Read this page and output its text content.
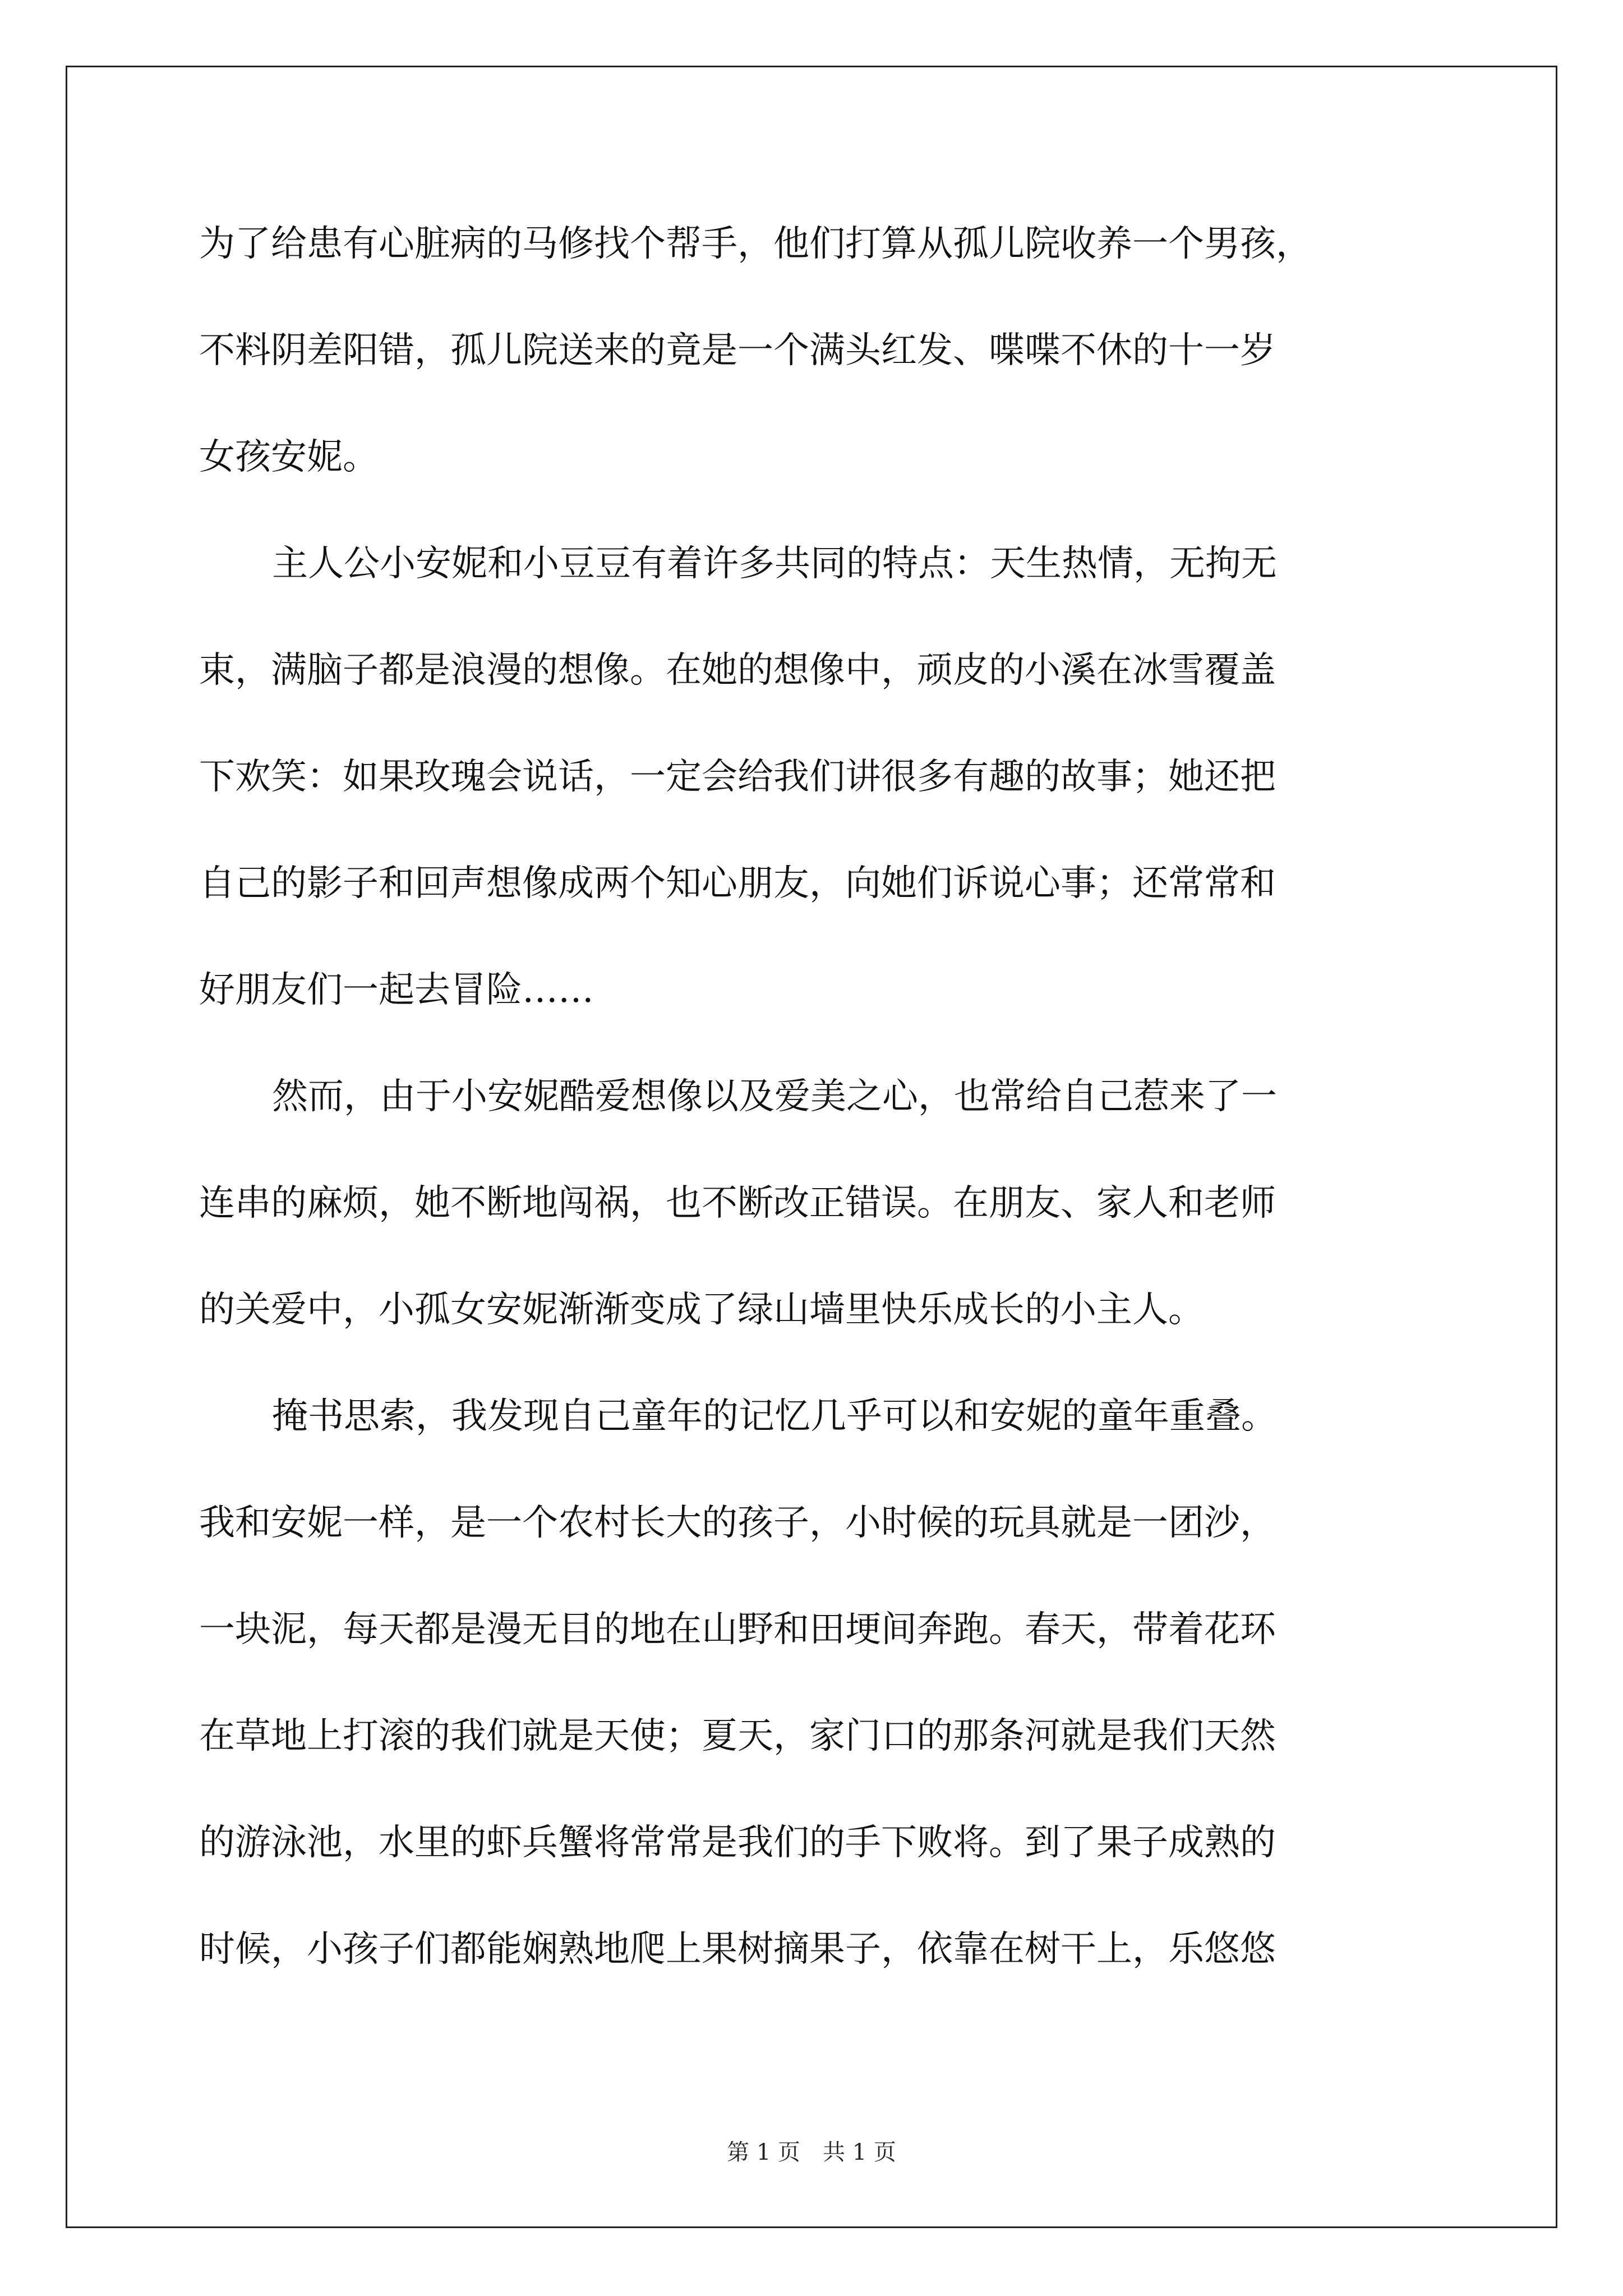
为了给患有心脏病的马修找个帮手，他们打算从孤儿院收养一个男孩，
不料阴差阳错，孤儿院送来的竟是一个满头红发、喋喋不休的十一岁
女孩安妮。
主人公小安妮和小豆豆有着许多共同的特点：天生热情，无拘无
束，满脑子都是浪漫的想像。在她的想像中，顽皮的小溪在冰雪覆盖
下欢笑：如果玫瑰会说话，一定会给我们讲很多有趣的故事；她还把
自己的影子和回声想像成两个知心朋友，向她们诉说心事；还常常和
好朋友们一起去冒险……
然而，由于小安妮酷爱想像以及爱美之心，也常给自己惹来了一
连串的麻烦，她不断地闯祸，也不断改正错误。在朋友、家人和老师
的关爱中，小孤女安妮渐渐变成了绿山墙里快乐成长的小主人。
掩书思索，我发现自己童年的记忆几乎可以和安妮的童年重叠。
我和安妮一样，是一个农村长大的孩子，小时候的玩具就是一团沙，
一块泥，每天都是漫无目的地在山野和田埂间奔跑。春天，带着花环
在草地上打滚的我们就是天使；夏天，家门口的那条河就是我们天然
的游泳池，水里的虾兵蟹将常常是我们的手下败将。到了果子成熟的
时候，小孩子们都能娴熟地爬上果树摘果子，依靠在树干上，乐悠悠
第 1 页　共 1 页
